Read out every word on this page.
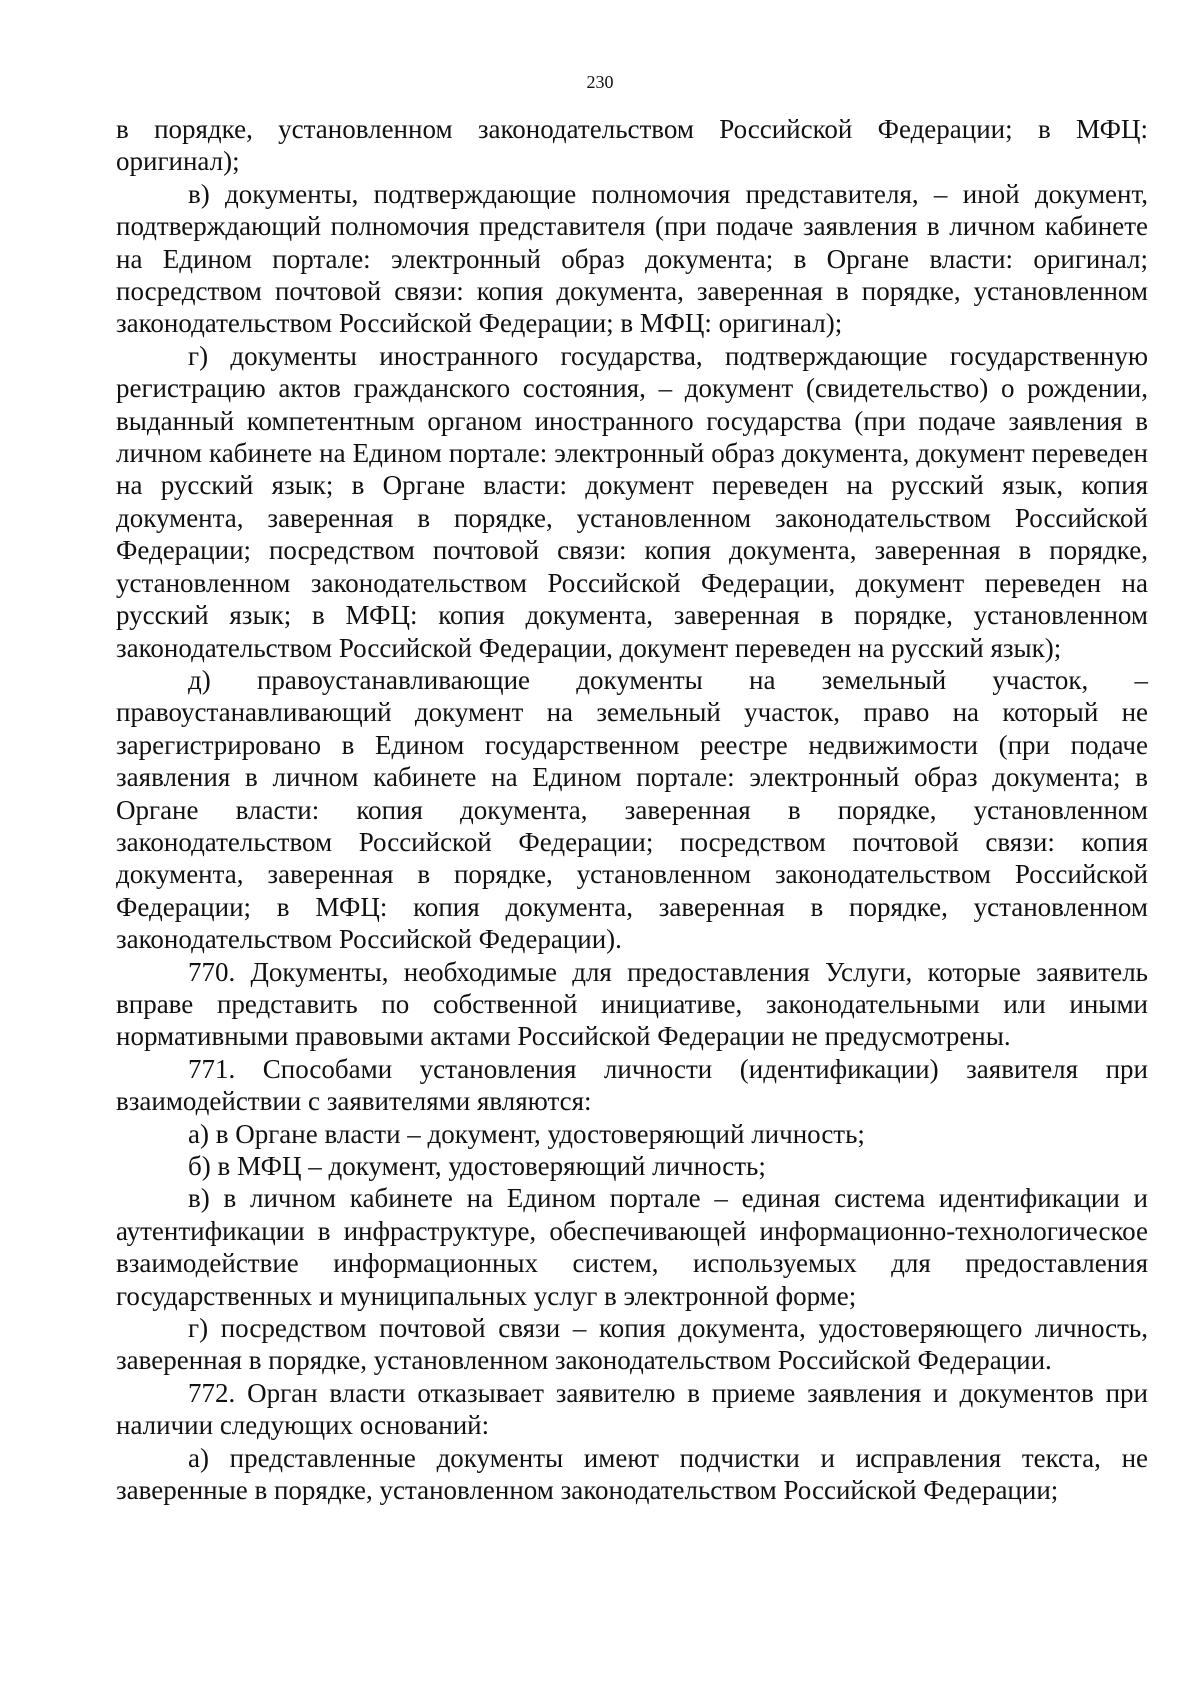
230

в порядке, установленном законодательством Российской Федерации; в МФЦ: оригинал);

в) документы, подтверждающие полномочия представителя, – иной документ, подтверждающий полномочия представителя (при подаче заявления в личном кабинете на Едином портале: электронный образ документа; в Органе власти: оригинал; посредством почтовой связи: копия документа, заверенная в порядке, установленном законодательством Российской Федерации; в МФЦ: оригинал);

г) документы иностранного государства, подтверждающие государственную регистрацию актов гражданского состояния, – документ (свидетельство) о рождении, выданный компетентным органом иностранного государства (при подаче заявления в личном кабинете на Едином портале: электронный образ документа, документ переведен на русский язык; в Органе власти: документ переведен на русский язык, копия документа, заверенная в порядке, установленном законодательством Российской Федерации; посредством почтовой связи: копия документа, заверенная в порядке, установленном законодательством Российской Федерации, документ переведен на русский язык; в МФЦ: копия документа, заверенная в порядке, установленном законодательством Российской Федерации, документ переведен на русский язык);

д) правоустанавливающие документы на земельный участок, – правоустанавливающий документ на земельный участок, право на который не зарегистрировано в Едином государственном реестре недвижимости (при подаче заявления в личном кабинете на Едином портале: электронный образ документа; в Органе власти: копия документа, заверенная в порядке, установленном законодательством Российской Федерации; посредством почтовой связи: копия документа, заверенная в порядке, установленном законодательством Российской Федерации; в МФЦ: копия документа, заверенная в порядке, установленном законодательством Российской Федерации).

770. Документы, необходимые для предоставления Услуги, которые заявитель вправе представить по собственной инициативе, законодательными или иными нормативными правовыми актами Российской Федерации не предусмотрены.

771. Способами установления личности (идентификации) заявителя при взаимодействии с заявителями являются:

а) в Органе власти – документ, удостоверяющий личность;

б) в МФЦ – документ, удостоверяющий личность;

в) в личном кабинете на Едином портале – единая система идентификации и аутентификации в инфраструктуре, обеспечивающей информационно-технологическое взаимодействие информационных систем, используемых для предоставления государственных и муниципальных услуг в электронной форме;

г) посредством почтовой связи – копия документа, удостоверяющего личность, заверенная в порядке, установленном законодательством Российской Федерации.

772. Орган власти отказывает заявителю в приеме заявления и документов при наличии следующих оснований:

а) представленные документы имеют подчистки и исправления текста, не заверенные в порядке, установленном законодательством Российской Федерации;
